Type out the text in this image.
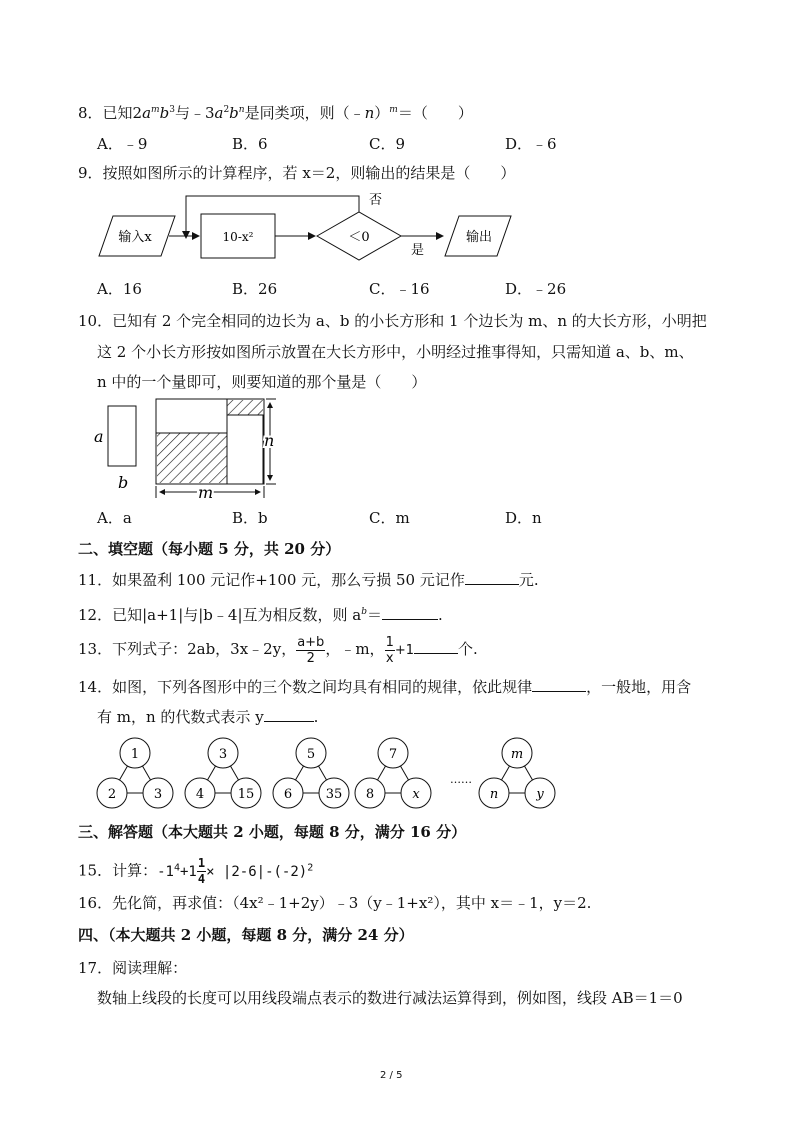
8．已知$2a^mb^3$与$﹣3a^2b^n$是同类项，则（﹣n）$^m$＝（　　）
A．﹣9	B．6	C．9	D．﹣6
9．按照如图所示的计算程序，若 x＝2，则输出的结果是（　　）
输入x	10-x²	＜0
否
是
输出
A．16	B．26	C．﹣16	D．﹣26
10．已知有 2 个完全相同的边长为 a、b 的小长方形和 1 个边长为 m、n 的大长方形，小明把
这 2 个小长方形按如图所示放置在大长方形中，小明经过推事得知，只需知道 a、b、m、
n 中的一个量即可，则要知道的那个量是（　　）
a
b
m
n
A．a	B．b	C．m	D．n
二、填空题（每小题 5 分，共 20 分）
11．如果盈利 100 元记作+100 元，那么亏损 50 元记作	元.
12．已知|a+1|与|b﹣4|互为相反数，则 $a^b=$	.
13．下列式子：2ab，3x﹣2y， $\frac{a+b}{2}$ ，﹣m， $\frac{1}{x} +1$	个.
14．如图，下列各图形中的三个数之间均具有相同的规律，依此规律	，一般地，用含
有 m，n 的代数式表示 y	.
1
2	3
3
4	15
5
6	35
7
8	x
……
m
n	y
三、解答题（本大题共 2 小题，每题 8 分，满分 16 分）
15．计算：$-1^4+1 \frac{1}{4} \times |2-6|-(-2)^2$
16．先化简，再求值：（4x²﹣1+2y）﹣3（y﹣1+x²），其中 x＝﹣1，y＝2.
四、（本大题共 2 小题，每题 8 分，满分 24 分）
17．阅读理解：
数轴上线段的长度可以用线段端点表示的数进行减法运算得到，例如图，线段 AB＝1＝0
2 / 5
